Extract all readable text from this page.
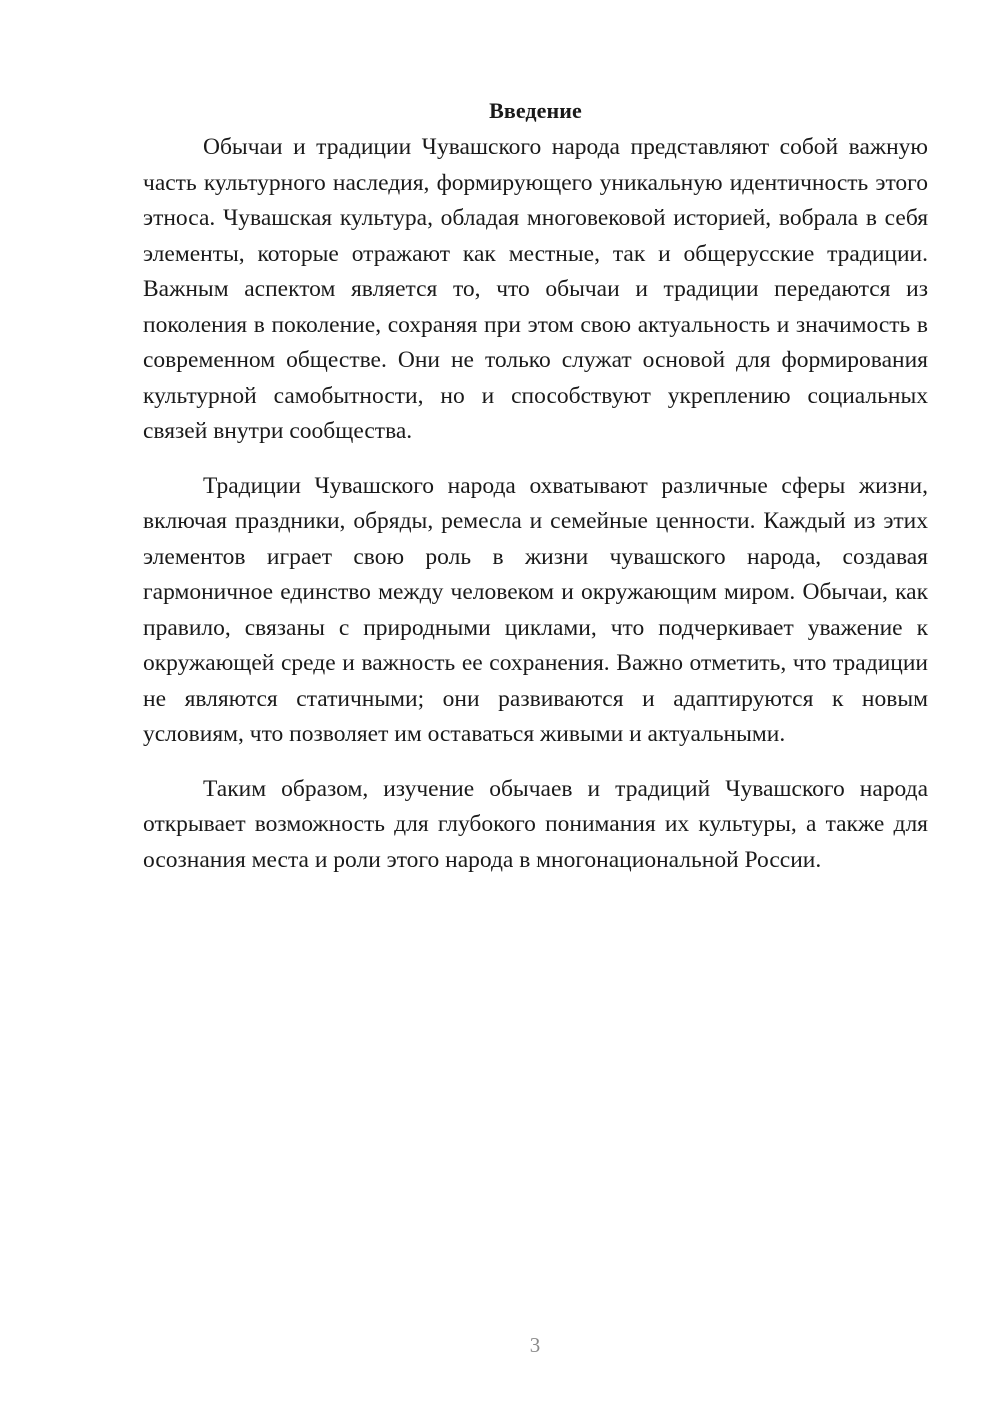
Введение

Обычаи и традиции Чувашского народа представляют собой важную часть культурного наследия, формирующего уникальную идентичность этого этноса. Чувашская культура, обладая многовековой историей, вобрала в себя элементы, которые отражают как местные, так и общерусские традиции. Важным аспектом является то, что обычаи и традиции передаются из поколения в поколение, сохраняя при этом свою актуальность и значимость в современном обществе. Они не только служат основой для формирования культурной самобытности, но и способствуют укреплению социальных связей внутри сообщества.

Традиции Чувашского народа охватывают различные сферы жизни, включая праздники, обряды, ремесла и семейные ценности. Каждый из этих элементов играет свою роль в жизни чувашского народа, создавая гармоничное единство между человеком и окружающим миром. Обычаи, как правило, связаны с природными циклами, что подчеркивает уважение к окружающей среде и важность ее сохранения. Важно отметить, что традиции не являются статичными; они развиваются и адаптируются к новым условиям, что позволяет им оставаться живыми и актуальными.

Таким образом, изучение обычаев и традиций Чувашского народа открывает возможность для глубокого понимания их культуры, а также для осознания места и роли этого народа в многонациональной России.

3
